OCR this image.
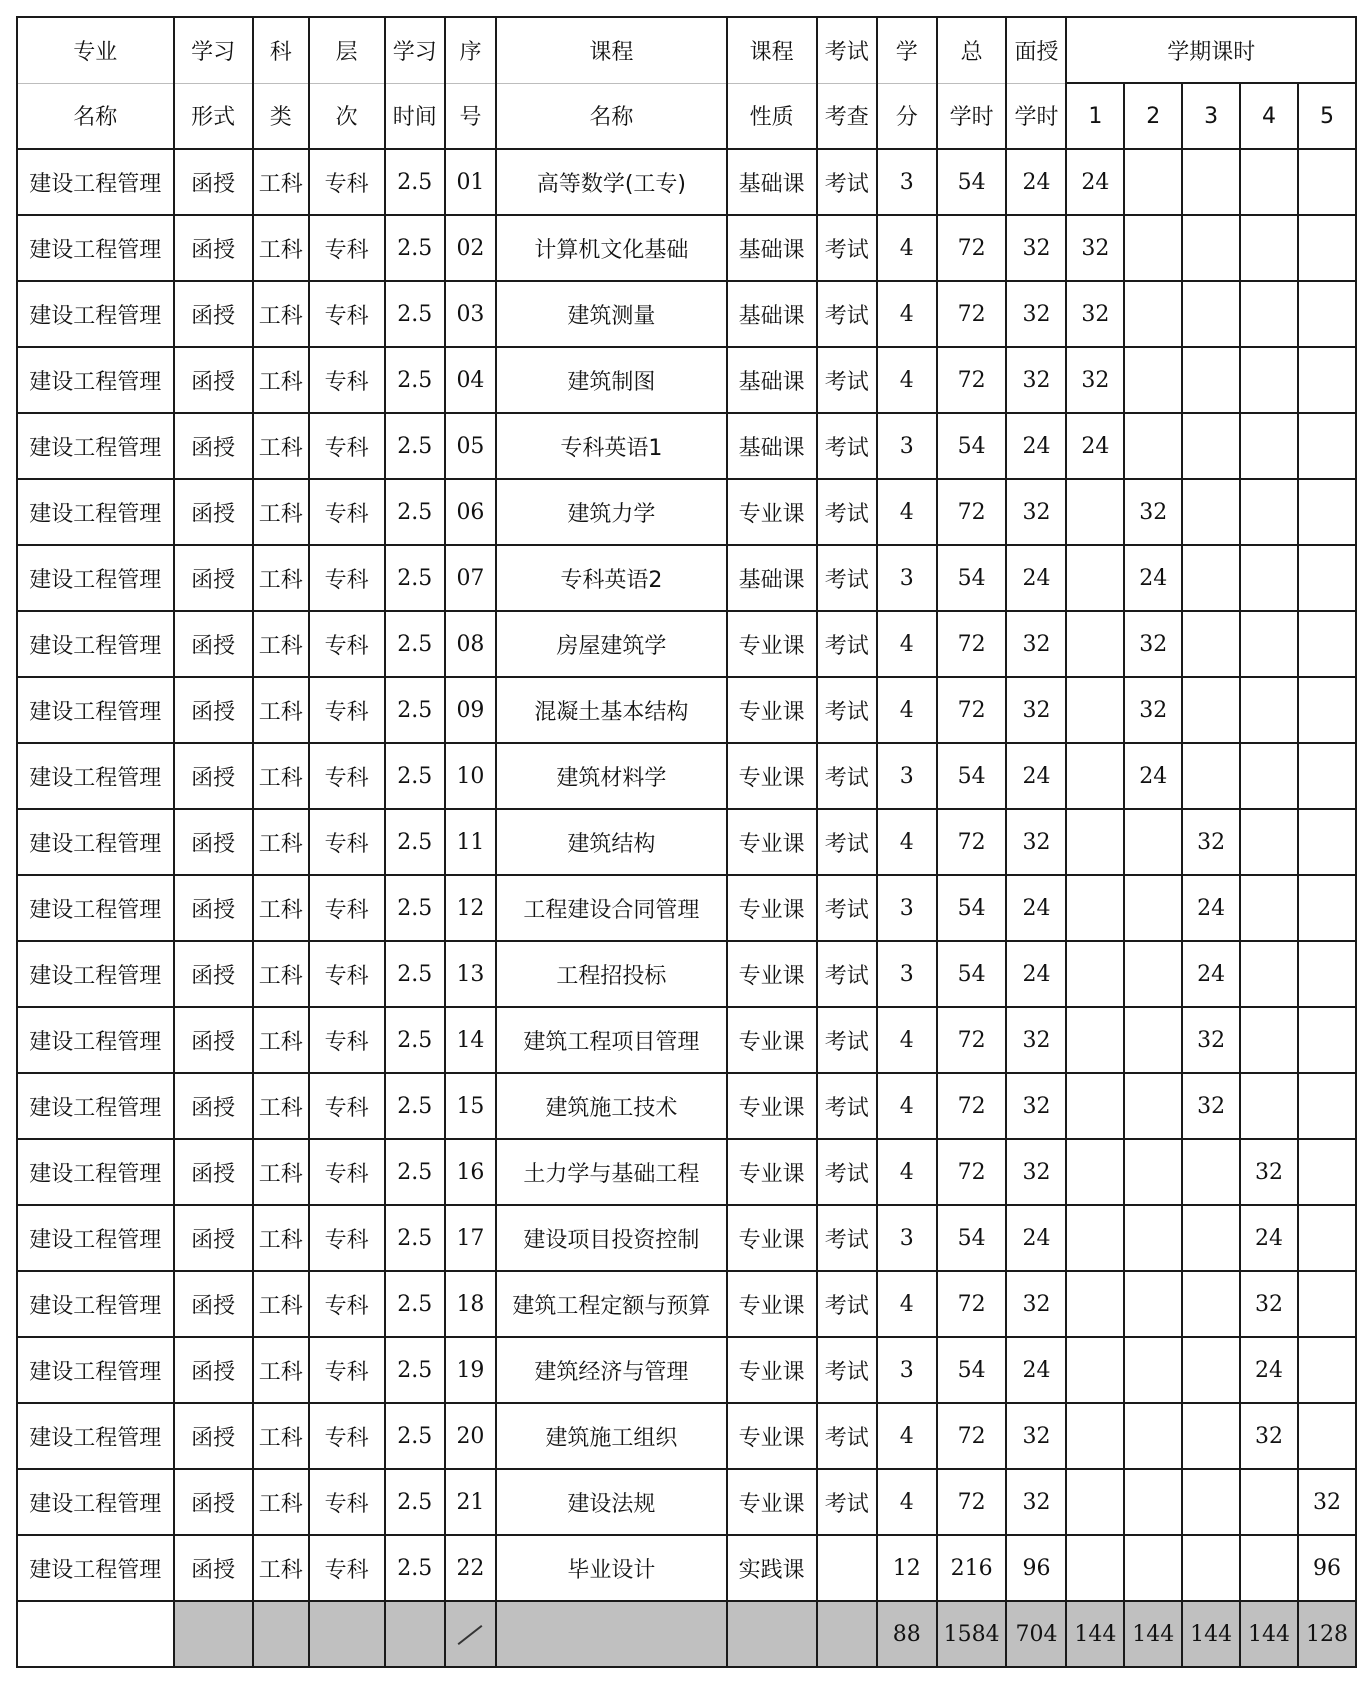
专业	学习	科	层	学习	序	课程	课程	考试	学	总	面授	学期课时				
名称	形式	类	次	时间	号	名称	性质	考查	分	学时	学时	1	2	3	4	5
建设工程管理	函授	工科	专科	2.5	01	高等数学(工专)	基础课	考试	3	54	24	24				
建设工程管理	函授	工科	专科	2.5	02	计算机文化基础	基础课	考试	4	72	32	32				
建设工程管理	函授	工科	专科	2.5	03	建筑测量	基础课	考试	4	72	32	32				
建设工程管理	函授	工科	专科	2.5	04	建筑制图	基础课	考试	4	72	32	32				
建设工程管理	函授	工科	专科	2.5	05	专科英语1	基础课	考试	3	54	24	24				
建设工程管理	函授	工科	专科	2.5	06	建筑力学	专业课	考试	4	72	32		32			
建设工程管理	函授	工科	专科	2.5	07	专科英语2	基础课	考试	3	54	24		24			
建设工程管理	函授	工科	专科	2.5	08	房屋建筑学	专业课	考试	4	72	32		32			
建设工程管理	函授	工科	专科	2.5	09	混凝土基本结构	专业课	考试	4	72	32		32			
建设工程管理	函授	工科	专科	2.5	10	建筑材料学	专业课	考试	3	54	24		24			
建设工程管理	函授	工科	专科	2.5	11	建筑结构	专业课	考试	4	72	32			32		
建设工程管理	函授	工科	专科	2.5	12	工程建设合同管理	专业课	考试	3	54	24			24		
建设工程管理	函授	工科	专科	2.5	13	工程招投标	专业课	考试	3	54	24			24		
建设工程管理	函授	工科	专科	2.5	14	建筑工程项目管理	专业课	考试	4	72	32			32		
建设工程管理	函授	工科	专科	2.5	15	建筑施工技术	专业课	考试	4	72	32			32		
建设工程管理	函授	工科	专科	2.5	16	土力学与基础工程	专业课	考试	4	72	32				32	
建设工程管理	函授	工科	专科	2.5	17	建设项目投资控制	专业课	考试	3	54	24				24	
建设工程管理	函授	工科	专科	2.5	18	建筑工程定额与预算	专业课	考试	4	72	32				32	
建设工程管理	函授	工科	专科	2.5	19	建筑经济与管理	专业课	考试	3	54	24				24	
建设工程管理	函授	工科	专科	2.5	20	建筑施工组织	专业课	考试	4	72	32				32	
建设工程管理	函授	工科	专科	2.5	21	建设法规	专业课	考试	4	72	32					32
建设工程管理	函授	工科	专科	2.5	22	毕业设计	实践课		12	216	96					96
									88	1584	704	144	144	144	144	128
